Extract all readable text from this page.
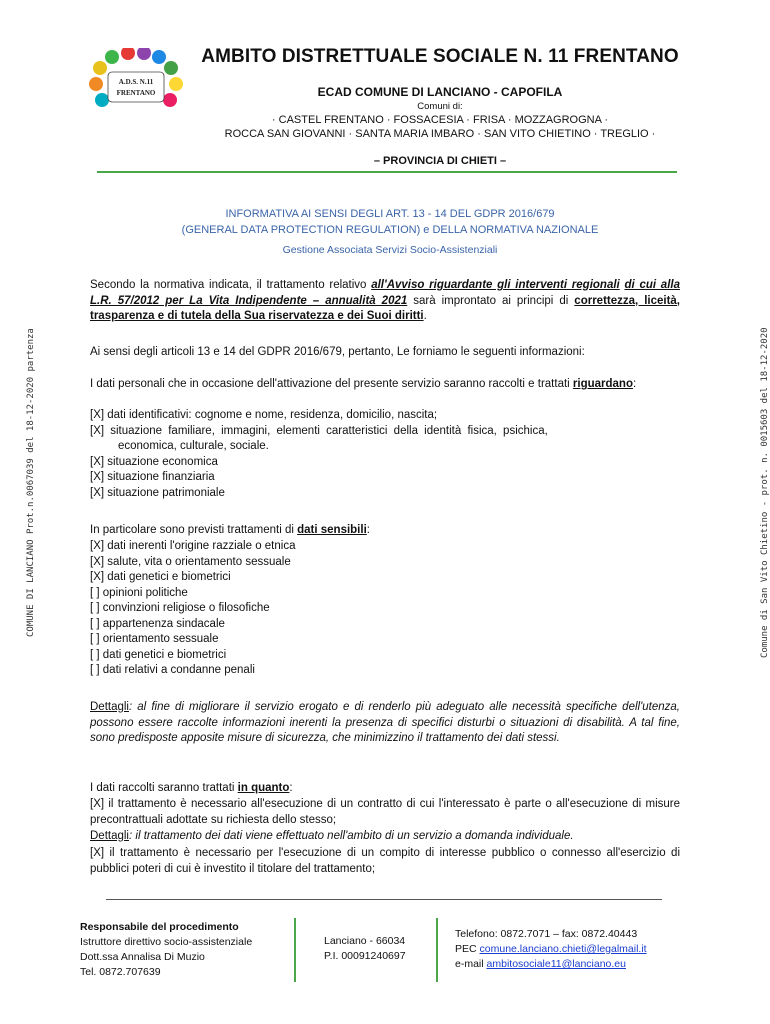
A.D.S. N.11
FRENTANO
AMBITO DISTRETTUALE SOCIALE N. 11 FRENTANO
ECAD COMUNE DI LANCIANO - CAPOFILA
Comuni di:
· CASTEL FRENTANO · FOSSACESIA · FRISA · MOZZAGROGNA ·
ROCCA SAN GIOVANNI · SANTA MARIA IMBARO · SAN VITO CHIETINO · TREGLIO ·
– PROVINCIA DI CHIETI –
INFORMATIVA AI SENSI DEGLI ART. 13 - 14 DEL GDPR 2016/679
(GENERAL DATA PROTECTION REGULATION) e DELLA NORMATIVA NAZIONALE
Gestione Associata Servizi Socio-Assistenziali
COMUNE DI LANCIANO Prot.n.0067039 del 18-12-2020 partenza	Comune di San Vito Chietino - prot. n. 0015603 del 18-12-2020
Secondo la normativa indicata, il trattamento relativo all'Avviso riguardante gli interventi regionali di cui alla L.R. 57/2012 per La Vita Indipendente – annualità 2021 sarà improntato ai principi di correttezza, liceità, trasparenza e di tutela della Sua riservatezza e dei Suoi diritti.
Ai sensi degli articoli 13 e 14 del GDPR 2016/679, pertanto, Le forniamo le seguenti informazioni:
I dati personali che in occasione dell'attivazione del presente servizio saranno raccolti e trattati riguardano:
[X] dati identificativi: cognome e nome, residenza, domicilio, nascita;
[X] situazione familiare, immagini, elementi caratteristici della identità fisica, psichica,
economica, culturale, sociale.
[X] situazione economica
[X] situazione finanziaria
[X] situazione patrimoniale
In particolare sono previsti trattamenti di dati sensibili:
[X] dati inerenti l'origine razziale o etnica
[X] salute, vita o orientamento sessuale
[X] dati genetici e biometrici
[ ] opinioni politiche
[ ] convinzioni religiose o filosofiche
[ ] appartenenza sindacale
[ ] orientamento sessuale
[ ] dati genetici e biometrici
[ ] dati relativi a condanne penali
Dettagli: al fine di migliorare il servizio erogato e di renderlo più adeguato alle necessità specifiche dell'utenza, possono essere raccolte informazioni inerenti la presenza di specifici disturbi o situazioni di disabilità. A tal fine, sono predisposte apposite misure di sicurezza, che minimizzino il trattamento dei dati stessi.
I dati raccolti saranno trattati in quanto:
[X] il trattamento è necessario all'esecuzione di un contratto di cui l'interessato è parte o all'esecuzione di misure precontrattuali adottate su richiesta dello stesso;
Dettagli: il trattamento dei dati viene effettuato nell'ambito di un servizio a domanda individuale.
[X] il trattamento è necessario per l'esecuzione di un compito di interesse pubblico o connesso all'esercizio di pubblici poteri di cui è investito il titolare del trattamento;
Responsabile del procedimento
Istruttore direttivo socio-assistenziale
Dott.ssa Annalisa Di Muzio
Tel. 0872.707639
Lanciano - 66034
P.I. 00091240697
Telefono: 0872.7071 – fax: 0872.40443
PEC comune.lanciano.chieti@legalmail.it
e-mail ambitosociale11@lanciano.eu
